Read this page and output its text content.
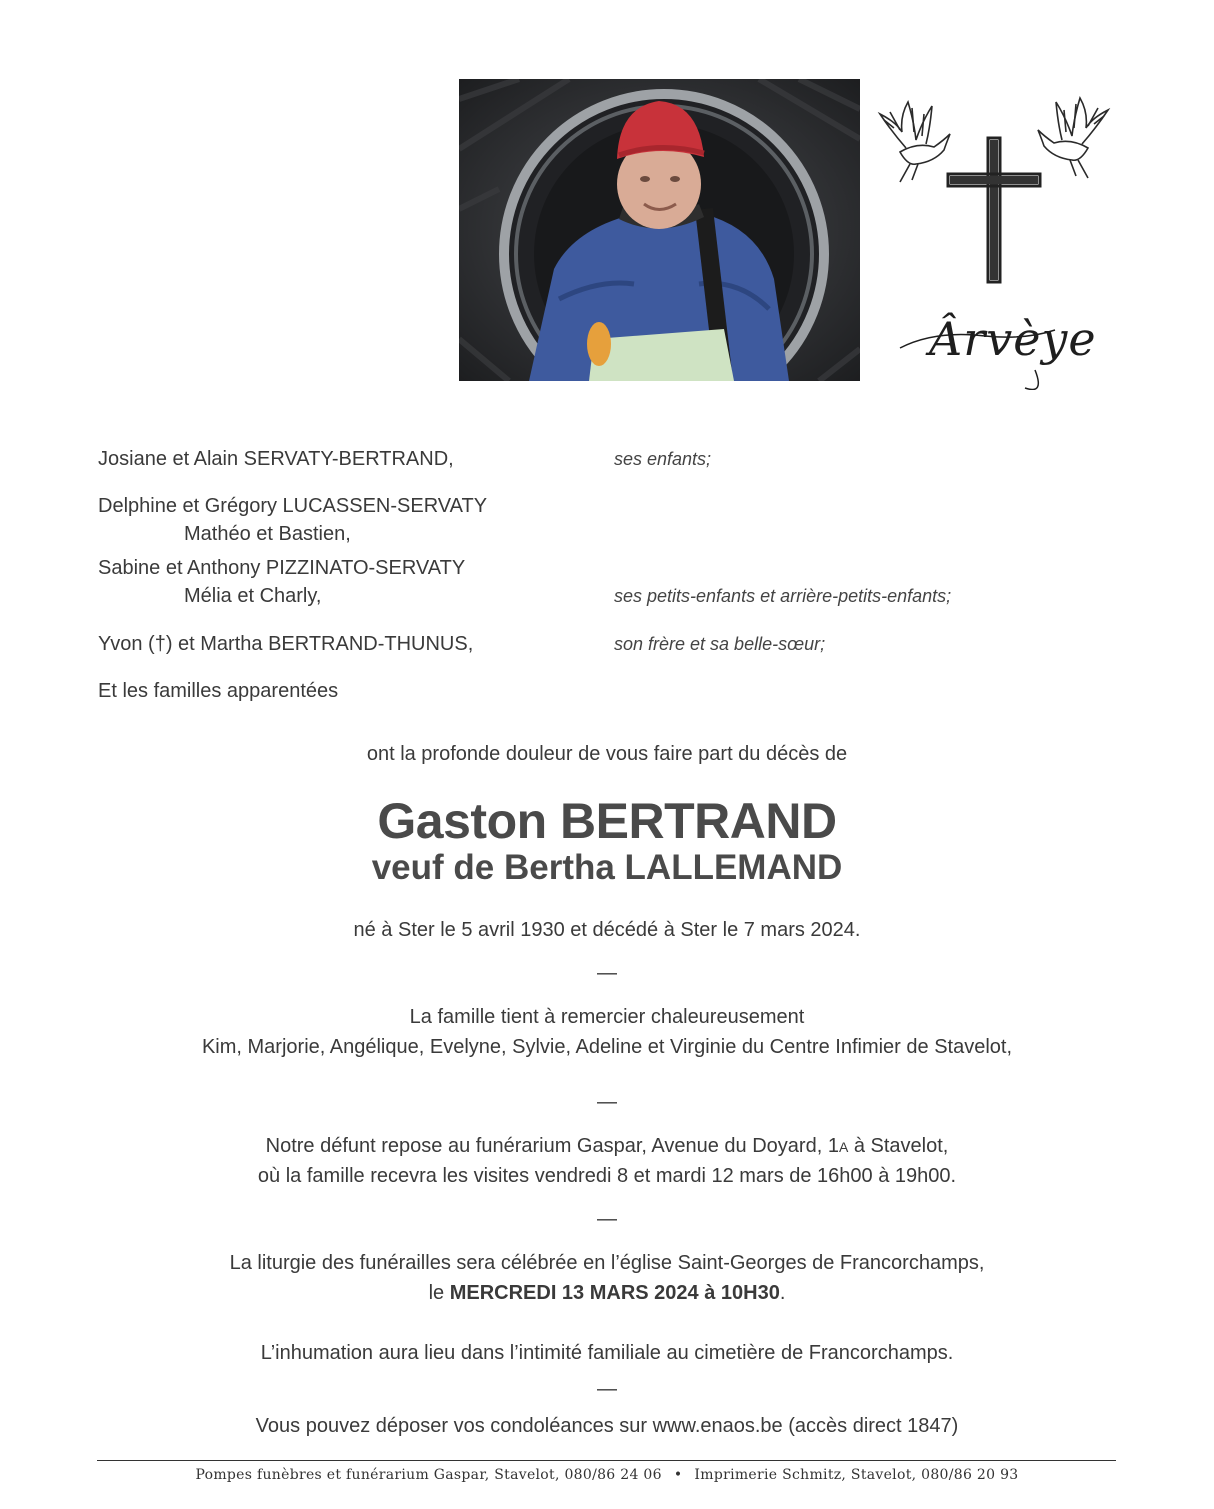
Ârvèye
Josiane et Alain SERVATY-BERTRAND,	ses enfants;
Delphine et Grégory LUCASSEN-SERVATY
Mathéo et Bastien,
Sabine et Anthony PIZZINATO-SERVATY
Mélia et Charly,	ses petits-enfants et arrière-petits-enfants;
Yvon (†) et Martha BERTRAND-THUNUS,	son frère et sa belle-sœur;
Et les familles apparentées
ont la profonde douleur de vous faire part du décès de
Gaston BERTRAND
veuf de Bertha LALLEMAND
né à Ster le 5 avril 1930 et décédé à Ster le 7 mars 2024.
—
La famille tient à remercier chaleureusement
Kim, Marjorie, Angélique, Evelyne, Sylvie, Adeline et Virginie du Centre Infimier de Stavelot,
—
Notre défunt repose au funérarium Gaspar, Avenue du Doyard, 1A à Stavelot,
où la famille recevra les visites vendredi 8 et mardi 12 mars de 16h00 à 19h00.
—
La liturgie des funérailles sera célébrée en l’église Saint-Georges de Francorchamps,
le MERCREDI 13 MARS 2024 à 10H30.
L’inhumation aura lieu dans l’intimité familiale au cimetière de Francorchamps.
—
Vous pouvez déposer vos condoléances sur www.enaos.be (accès direct 1847)
Pompes funèbres et funérarium Gaspar, Stavelot, 080/86 24 06 • Imprimerie Schmitz, Stavelot, 080/86 20 93
